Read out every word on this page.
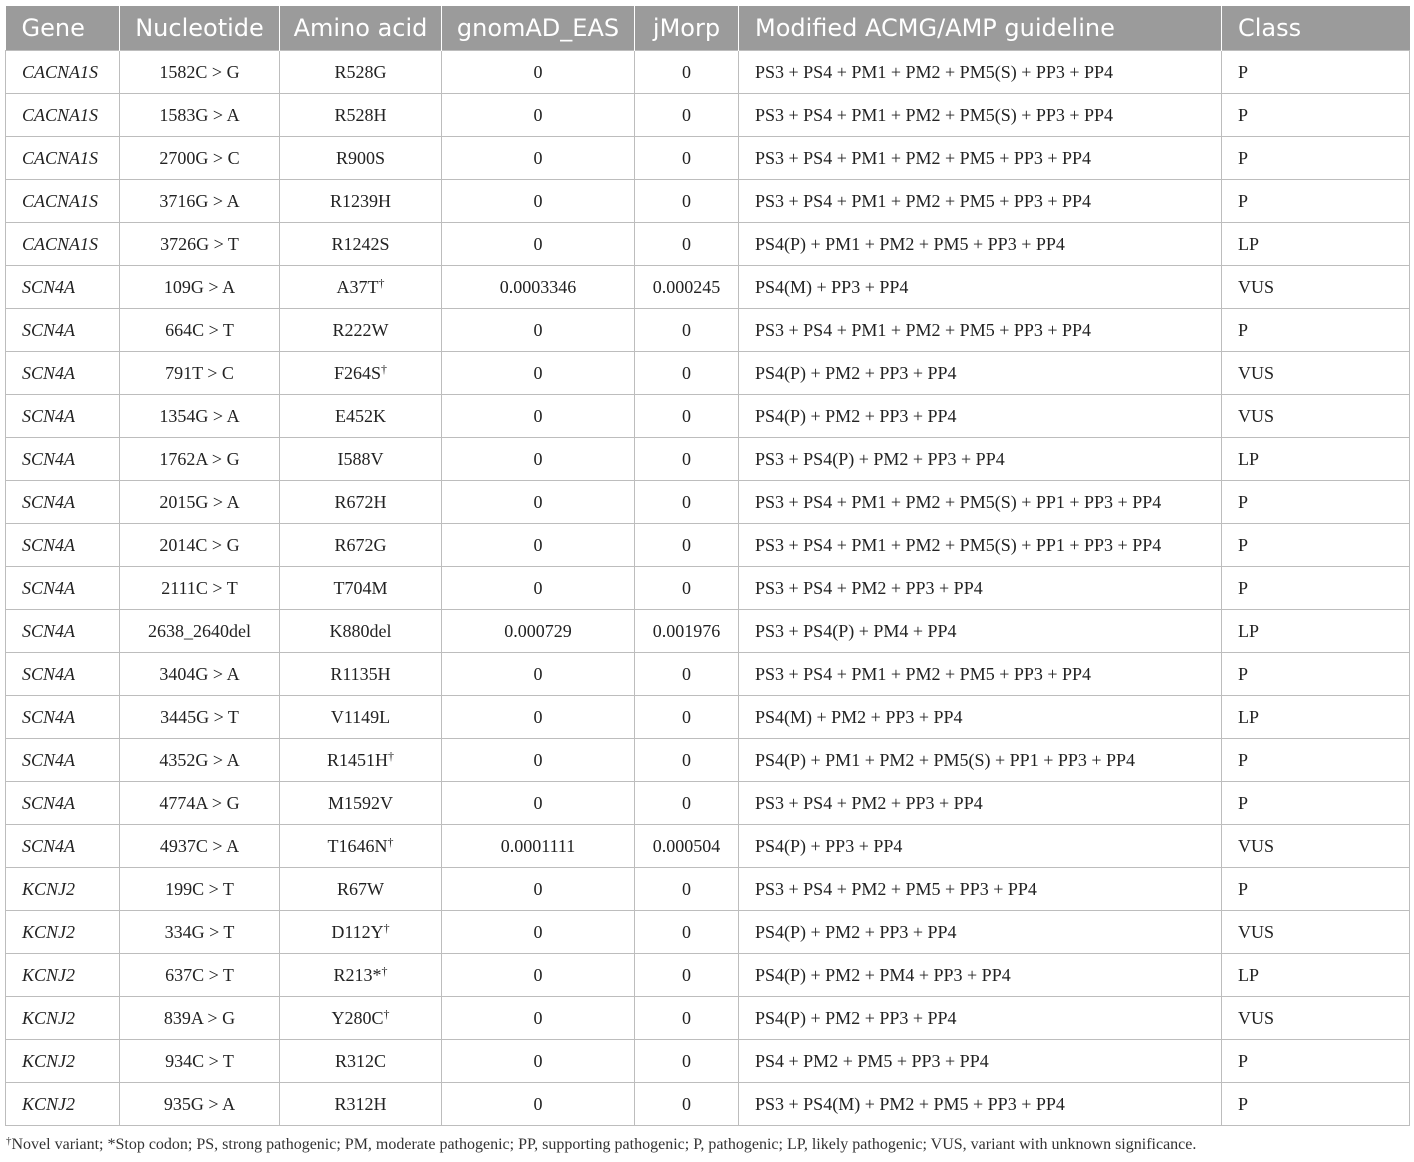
Gene	Nucleotide	Amino acid	gnomAD_EAS	jMorp	Modified ACMG/AMP guideline	Class
CACNA1S	1582C > G	R528G	0	0	PS3 + PS4 + PM1 + PM2 + PM5(S) + PP3 + PP4	P
CACNA1S	1583G > A	R528H	0	0	PS3 + PS4 + PM1 + PM2 + PM5(S) + PP3 + PP4	P
CACNA1S	2700G > C	R900S	0	0	PS3 + PS4 + PM1 + PM2 + PM5 + PP3 + PP4	P
CACNA1S	3716G > A	R1239H	0	0	PS3 + PS4 + PM1 + PM2 + PM5 + PP3 + PP4	P
CACNA1S	3726G > T	R1242S	0	0	PS4(P) + PM1 + PM2 + PM5 + PP3 + PP4	LP
SCN4A	109G > A	A37T†	0.0003346	0.000245	PS4(M) + PP3 + PP4	VUS
SCN4A	664C > T	R222W	0	0	PS3 + PS4 + PM1 + PM2 + PM5 + PP3 + PP4	P
SCN4A	791T > C	F264S†	0	0	PS4(P) + PM2 + PP3 + PP4	VUS
SCN4A	1354G > A	E452K	0	0	PS4(P) + PM2 + PP3 + PP4	VUS
SCN4A	1762A > G	I588V	0	0	PS3 + PS4(P) + PM2 + PP3 + PP4	LP
SCN4A	2015G > A	R672H	0	0	PS3 + PS4 + PM1 + PM2 + PM5(S) + PP1 + PP3 + PP4	P
SCN4A	2014C > G	R672G	0	0	PS3 + PS4 + PM1 + PM2 + PM5(S) + PP1 + PP3 + PP4	P
SCN4A	2111C > T	T704M	0	0	PS3 + PS4 + PM2 + PP3 + PP4	P
SCN4A	2638_2640del	K880del	0.000729	0.001976	PS3 + PS4(P) + PM4 + PP4	LP
SCN4A	3404G > A	R1135H	0	0	PS3 + PS4 + PM1 + PM2 + PM5 + PP3 + PP4	P
SCN4A	3445G > T	V1149L	0	0	PS4(M) + PM2 + PP3 + PP4	LP
SCN4A	4352G > A	R1451H†	0	0	PS4(P) + PM1 + PM2 + PM5(S) + PP1 + PP3 + PP4	P
SCN4A	4774A > G	M1592V	0	0	PS3 + PS4 + PM2 + PP3 + PP4	P
SCN4A	4937C > A	T1646N†	0.0001111	0.000504	PS4(P) + PP3 + PP4	VUS
KCNJ2	199C > T	R67W	0	0	PS3 + PS4 + PM2 + PM5 + PP3 + PP4	P
KCNJ2	334G > T	D112Y†	0	0	PS4(P) + PM2 + PP3 + PP4	VUS
KCNJ2	637C > T	R213*†	0	0	PS4(P) + PM2 + PM4 + PP3 + PP4	LP
KCNJ2	839A > G	Y280C†	0	0	PS4(P) + PM2 + PP3 + PP4	VUS
KCNJ2	934C > T	R312C	0	0	PS4 + PM2 + PM5 + PP3 + PP4	P
KCNJ2	935G > A	R312H	0	0	PS3 + PS4(M) + PM2 + PM5 + PP3 + PP4	P
†Novel variant; *Stop codon; PS, strong pathogenic; PM, moderate pathogenic; PP, supporting pathogenic; P, pathogenic; LP, likely pathogenic; VUS, variant with unknown significance.
